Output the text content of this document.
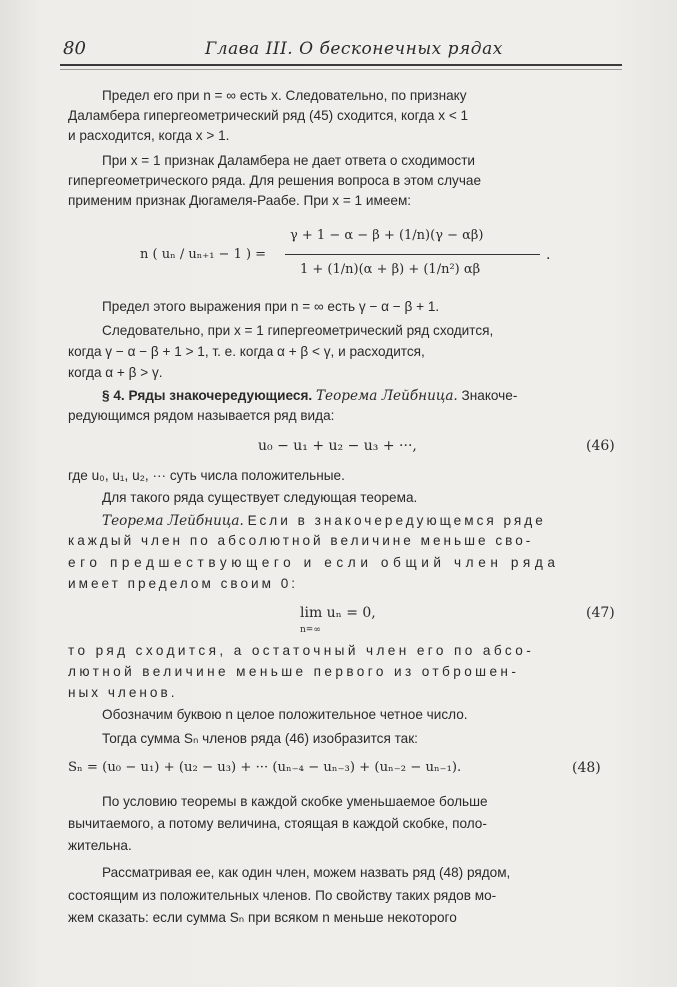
80	Глава III. О бесконечных рядах
Предел его при n = ∞ есть x. Следовательно, по признаку
Даламбера гипергеометрический ряд (45) сходится, когда x < 1
и расходится, когда x > 1.
При x = 1 признак Даламбера не дает ответа о сходимости
гипергеометрического ряда. Для решения вопроса в этом случае
применим признак Дюгамеля-Раабе. При x = 1 имеем:
n ( uₙ / uₙ₊₁ − 1 ) =
γ + 1 − α − β + (1/n)(γ − αβ)
1 + (1/n)(α + β) + (1/n²) αβ
.
Предел этого выражения при n = ∞ есть γ − α − β + 1.
Следовательно, при x = 1 гипергеометрический ряд сходится,
когда γ − α − β + 1 > 1, т. е. когда α + β < γ, и расходится,
когда α + β > γ.
§ 4. Ряды знакочередующиеся. Теорема Лейбница. Знакоче-
редующимся рядом называется ряд вида:
u₀ − u₁ + u₂ − u₃ + ···,	(46)
где u₀, u₁, u₂, ··· суть числа положительные.
Для такого ряда существует следующая теорема.
Теорема Лейбница. Если в знакочередующемся ряде
каждый член по абсолютной величине меньше сво-
его предшествующего и если общий член ряда
имеет пределом своим 0:
lim uₙ = 0,
n=∞
(47)
то ряд сходится, а остаточный член его по абсо-
лютной величине меньше первого из отброшен-
ных членов.
Обозначим буквою n целое положительное четное число.
Тогда сумма Sₙ членов ряда (46) изобразится так:
Sₙ = (u₀ − u₁) + (u₂ − u₃) + ··· (uₙ₋₄ − uₙ₋₃) + (uₙ₋₂ − uₙ₋₁).	(48)
По условию теоремы в каждой скобке уменьшаемое больше
вычитаемого, а потому величина, стоящая в каждой скобке, поло-
жительна.
Рассматривая ее, как один член, можем назвать ряд (48) рядом,
состоящим из положительных членов. По свойству таких рядов мо-
жем сказать: если сумма Sₙ при всяком n меньше некоторого
